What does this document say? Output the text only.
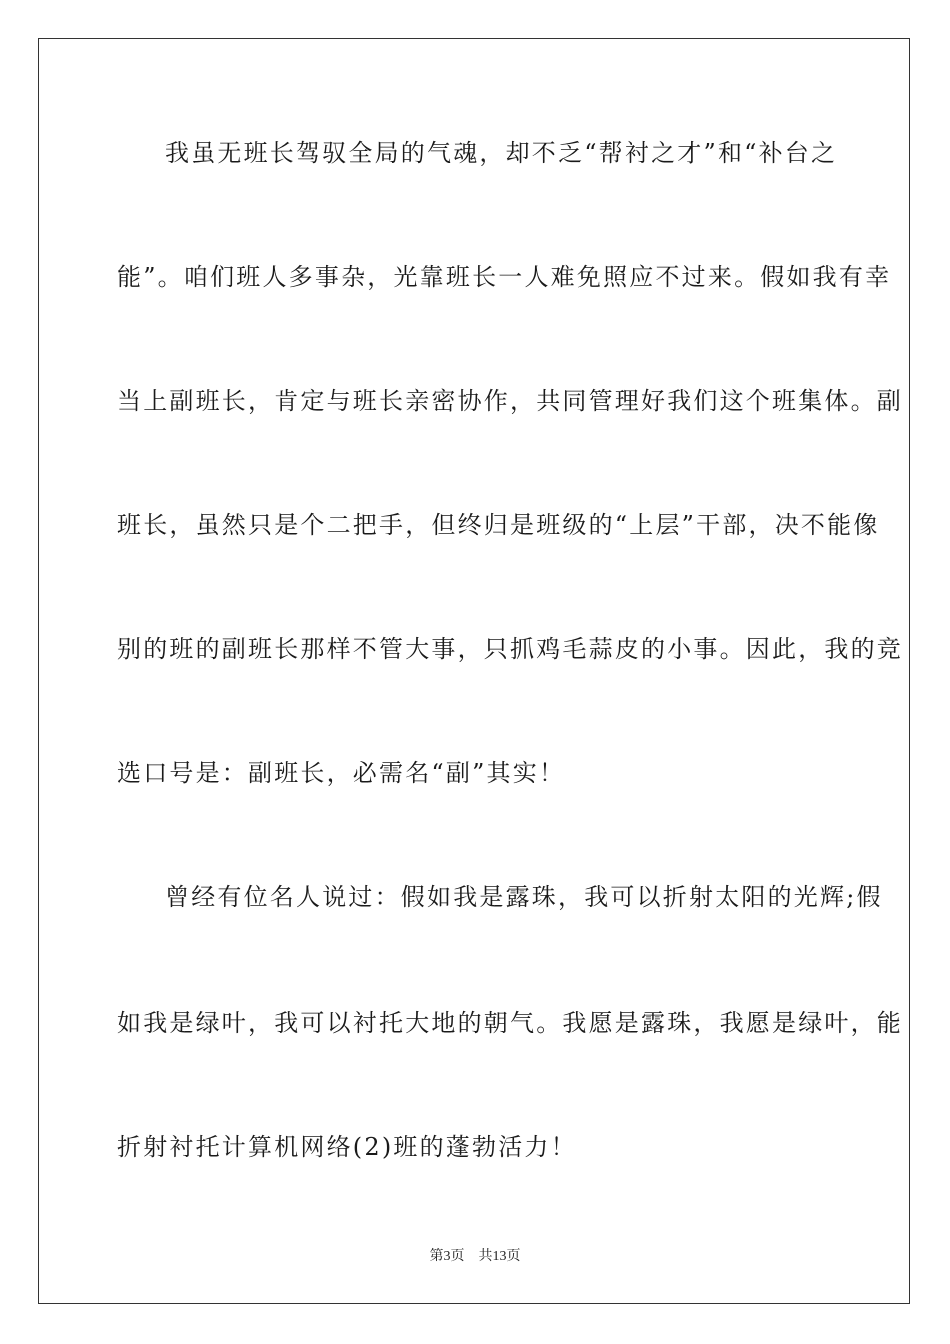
我虽无班长驾驭全局的气魂，却不乏“帮衬之才”和“补台之
能”。咱们班人多事杂，光靠班长一人难免照应不过来。假如我有幸
当上副班长，肯定与班长亲密协作，共同管理好我们这个班集体。副
班长，虽然只是个二把手，但终归是班级的“上层”干部，决不能像
别的班的副班长那样不管大事，只抓鸡毛蒜皮的小事。因此，我的竞
选口号是：副班长，必需名“副”其实！
曾经有位名人说过：假如我是露珠，我可以折射太阳的光辉;假
如我是绿叶，我可以衬托大地的朝气。我愿是露珠，我愿是绿叶，能
折射衬托计算机网络(2)班的蓬勃活力！
第3页 共13页
